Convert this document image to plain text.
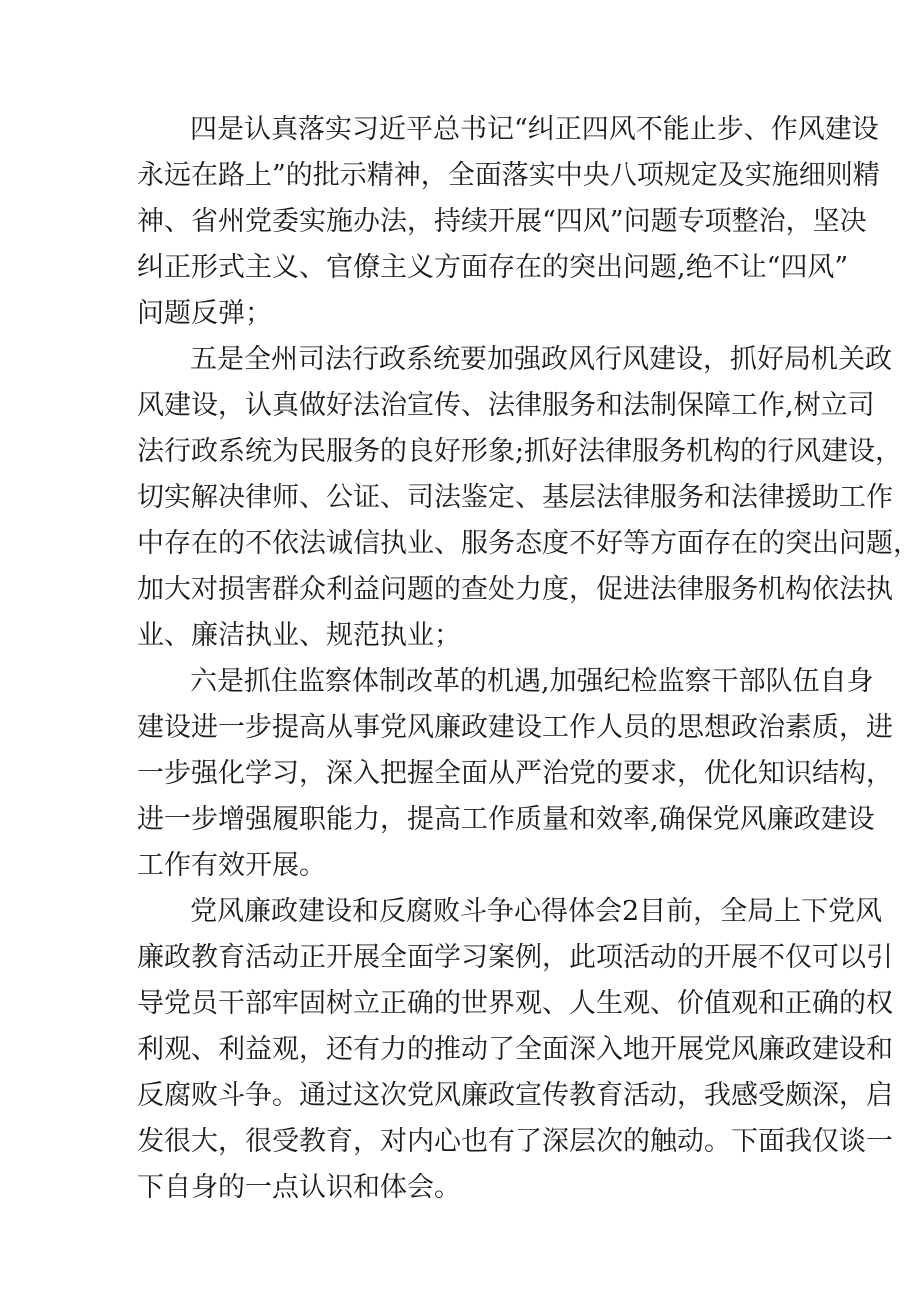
四是认真落实习近平总书记“纠正四风不能止步、作风建设
永远在路上”的批示精神，全面落实中央八项规定及实施细则精
神、省州党委实施办法，持续开展“四风”问题专项整治，坚决
纠正形式主义、官僚主义方面存在的突出问题,绝不让“四风”
问题反弹；
五是全州司法行政系统要加强政风行风建设，抓好局机关政
风建设，认真做好法治宣传、法律服务和法制保障工作,树立司
法行政系统为民服务的良好形象;抓好法律服务机构的行风建设，
切实解决律师、公证、司法鉴定、基层法律服务和法律援助工作
中存在的不依法诚信执业、服务态度不好等方面存在的突出问题，
加大对损害群众利益问题的查处力度，促进法律服务机构依法执
业、廉洁执业、规范执业；
六是抓住监察体制改革的机遇,加强纪检监察干部队伍自身
建设进一步提高从事党风廉政建设工作人员的思想政治素质，进
一步强化学习，深入把握全面从严治党的要求，优化知识结构，
进一步增强履职能力，提高工作质量和效率,确保党风廉政建设
工作有效开展。
党风廉政建设和反腐败斗争心得体会2目前，全局上下党风
廉政教育活动正开展全面学习案例，此项活动的开展不仅可以引
导党员干部牢固树立正确的世界观、人生观、价值观和正确的权
利观、利益观，还有力的推动了全面深入地开展党风廉政建设和
反腐败斗争。通过这次党风廉政宣传教育活动，我感受颇深，启
发很大，很受教育，对内心也有了深层次的触动。下面我仅谈一
下自身的一点认识和体会。
